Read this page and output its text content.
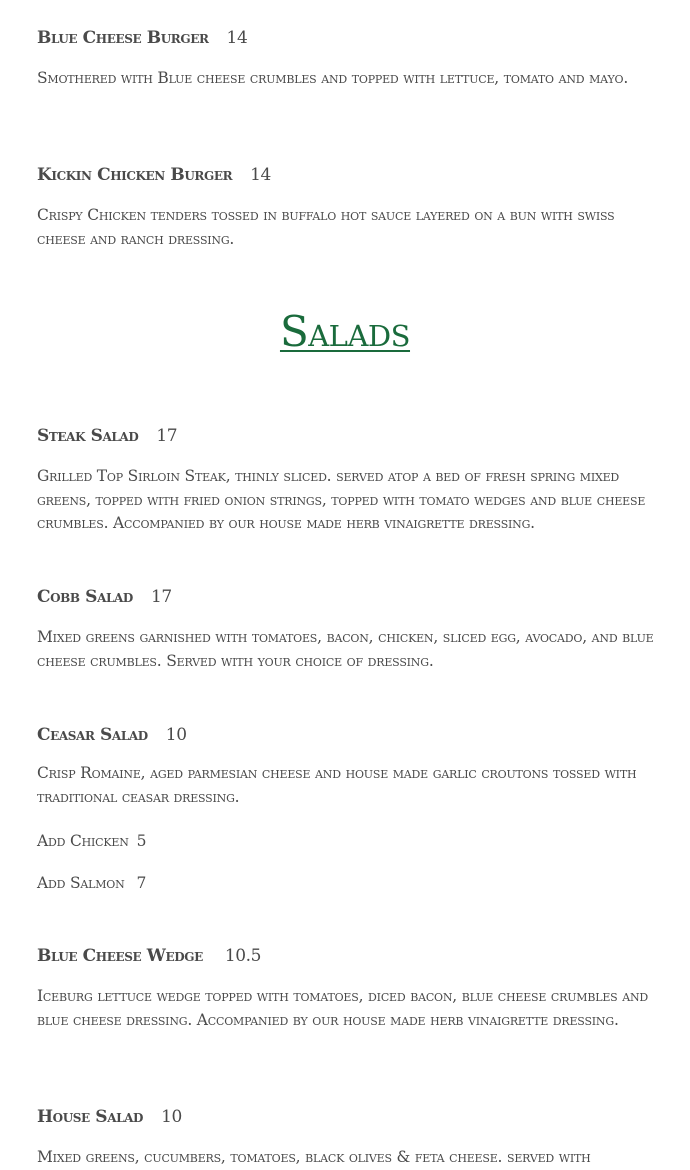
Blue Cheese Burger 14
Smothered with Blue cheese crumbles and topped with lettuce, tomato and mayo.
Kickin Chicken Burger 14
Crispy Chicken tenders tossed in buffalo hot sauce layered on a bun with swiss cheese and ranch dressing.
Salads
Steak Salad 17
Grilled Top Sirloin Steak, thinly sliced. served atop a bed of fresh spring mixed greens, topped with fried onion strings, topped with tomato wedges and blue cheese crumbles. Accompanied by our house made herb vinaigrette dressing.
Cobb Salad 17
Mixed greens garnished with tomatoes, bacon, chicken, sliced egg, avocado, and blue cheese crumbles. Served with your choice of dressing.
Ceasar Salad 10
Crisp Romaine, aged parmesian cheese and house made garlic croutons tossed with traditional ceasar dressing.
Add Chicken 5
Add Salmon 7
Blue Cheese Wedge 10.5
Iceburg lettuce wedge topped with tomatoes, diced bacon, blue cheese crumbles and blue cheese dressing. Accompanied by our house made herb vinaigrette dressing.
House Salad 10
Mixed greens, cucumbers, tomatoes, black olives & feta cheese. served with
